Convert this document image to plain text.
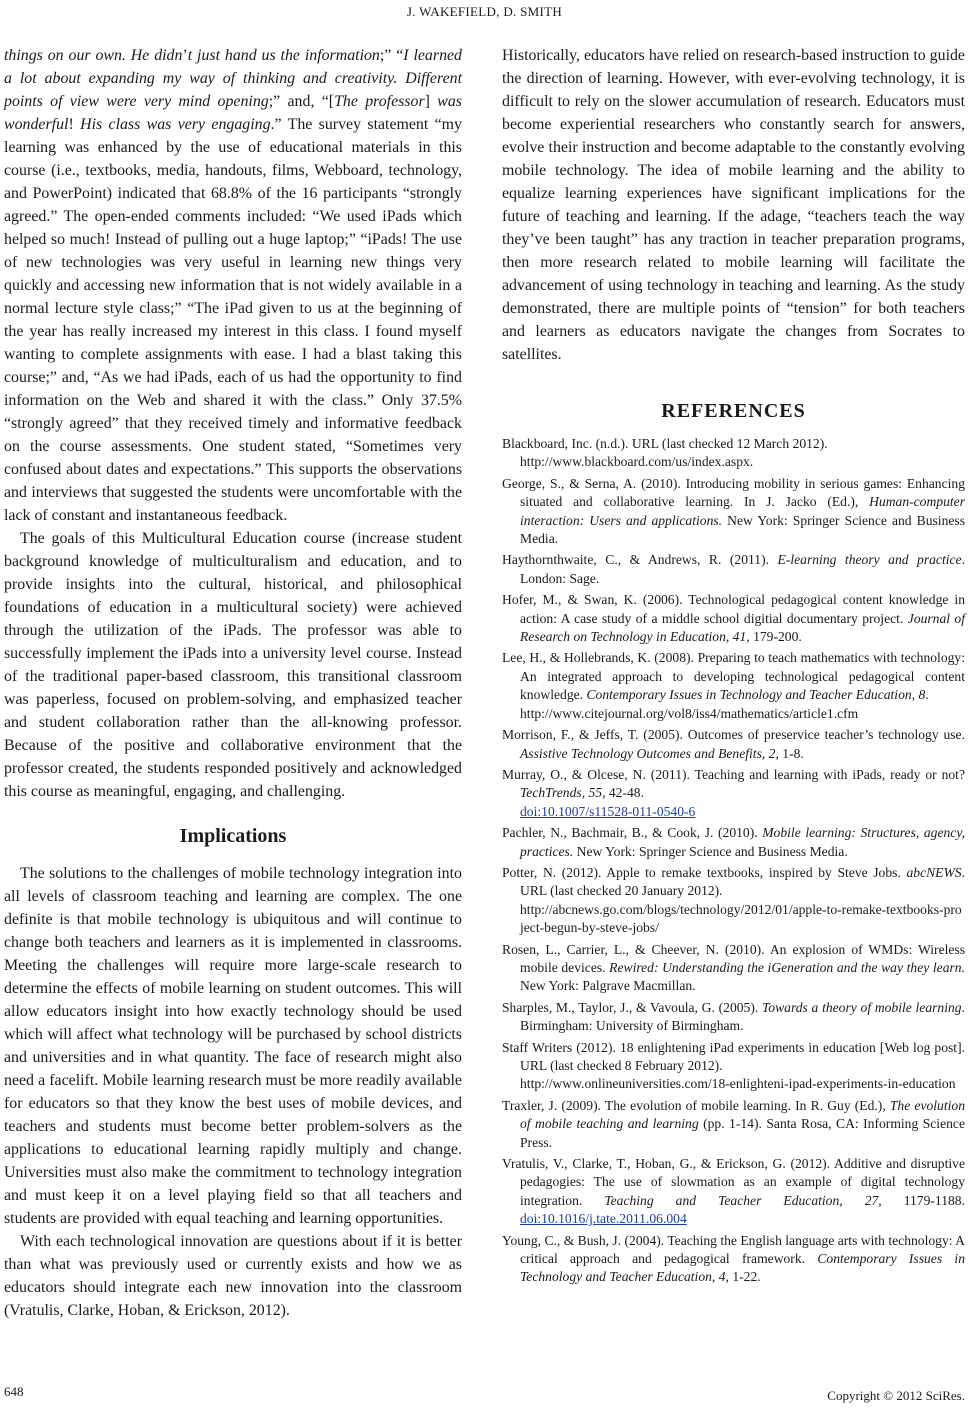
J. WAKEFIELD, D. SMITH

things on our own. He didn’t just hand us the information;” “I learned a lot about expanding my way of thinking and creativity. Different points of view were very mind opening;” and, “[The professor] was wonderful! His class was very engaging.” The survey statement “my learning was enhanced by the use of educational materials in this course (i.e., textbooks, media, handouts, films, Webboard, technology, and PowerPoint) indicated that 68.8% of the 16 participants “strongly agreed.” The open-ended comments included: “We used iPads which helped so much! Instead of pulling out a huge laptop;” “iPads! The use of new technologies was very useful in learning new things very quickly and accessing new information that is not widely available in a normal lecture style class;” “The iPad given to us at the beginning of the year has really increased my interest in this class. I found myself wanting to complete assignments with ease. I had a blast taking this course;” and, “As we had iPads, each of us had the opportunity to find information on the Web and shared it with the class.” Only 37.5% “strongly agreed” that they received timely and informative feedback on the course assessments. One student stated, “Sometimes very confused about dates and expectations.” This supports the observations and interviews that suggested the students were uncomfortable with the lack of constant and instantaneous feedback.

The goals of this Multicultural Education course (increase student background knowledge of multiculturalism and education, and to provide insights into the cultural, historical, and philosophical foundations of education in a multicultural society) were achieved through the utilization of the iPads. The professor was able to successfully implement the iPads into a university level course. Instead of the traditional paper-based classroom, this transitional classroom was paperless, focused on problem-solving, and emphasized teacher and student collaboration rather than the all-knowing professor. Because of the positive and collaborative environment that the professor created, the students responded positively and acknowledged this course as meaningful, engaging, and challenging.

Implications

The solutions to the challenges of mobile technology integration into all levels of classroom teaching and learning are complex. The one definite is that mobile technology is ubiquitous and will continue to change both teachers and learners as it is implemented in classrooms. Meeting the challenges will require more large-scale research to determine the effects of mobile learning on student outcomes. This will allow educators insight into how exactly technology should be used which will affect what technology will be purchased by school districts and universities and in what quantity. The face of research might also need a facelift. Mobile learning research must be more readily available for educators so that they know the best uses of mobile devices, and teachers and students must become better problem-solvers as the applications to educational learning rapidly multiply and change. Universities must also make the commitment to technology integration and must keep it on a level playing field so that all teachers and students are provided with equal teaching and learning opportunities.

With each technological innovation are questions about if it is better than what was previously used or currently exists and how we as educators should integrate each new innovation into the classroom (Vratulis, Clarke, Hoban, & Erickson, 2012).

Historically, educators have relied on research-based instruction to guide the direction of learning. However, with ever-evolving technology, it is difficult to rely on the slower accumulation of research. Educators must become experiential researchers who constantly search for answers, evolve their instruction and become adaptable to the constantly evolving mobile technology. The idea of mobile learning and the ability to equalize learning experiences have significant implications for the future of teaching and learning. If the adage, “teachers teach the way they’ve been taught” has any traction in teacher preparation programs, then more research related to mobile learning will facilitate the advancement of using technology in teaching and learning. As the study demonstrated, there are multiple points of “tension” for both teachers and learners as educators navigate the changes from Socrates to satellites.

REFERENCES
Blackboard, Inc. (n.d.). URL (last checked 12 March 2012).
http://www.blackboard.com/us/index.aspx.
George, S., & Serna, A. (2010). Introducing mobility in serious games: Enhancing situated and collaborative learning. In J. Jacko (Ed.), Human-computer interaction: Users and applications. New York: Springer Science and Business Media.
Haythornthwaite, C., & Andrews, R. (2011). E-learning theory and practice. London: Sage.
Hofer, M., & Swan, K. (2006). Technological pedagogical content knowledge in action: A case study of a middle school digitial documentary project. Journal of Research on Technology in Education, 41, 179-200.
Lee, H., & Hollebrands, K. (2008). Preparing to teach mathematics with technology: An integrated approach to developing technological pedagogical content knowledge. Contemporary Issues in Technology and Teacher Education, 8.
http://www.citejournal.org/vol8/iss4/mathematics/article1.cfm
Morrison, F., & Jeffs, T. (2005). Outcomes of preservice teacher’s technology use. Assistive Technology Outcomes and Benefits, 2, 1-8.
Murray, O., & Olcese, N. (2011). Teaching and learning with iPads, ready or not? TechTrends, 55, 42-48.
doi:10.1007/s11528-011-0540-6
Pachler, N., Bachmair, B., & Cook, J. (2010). Mobile learning: Structures, agency, practices. New York: Springer Science and Business Media.
Potter, N. (2012). Apple to remake textbooks, inspired by Steve Jobs. abcNEWS. URL (last checked 20 January 2012).
http://abcnews.go.com/blogs/technology/2012/01/apple-to-remake-textbooks-project-begun-by-steve-jobs/
Rosen, L., Carrier, L., & Cheever, N. (2010). An explosion of WMDs: Wireless mobile devices. Rewired: Understanding the iGeneration and the way they learn. New York: Palgrave Macmillan.
Sharples, M., Taylor, J., & Vavoula, G. (2005). Towards a theory of mobile learning. Birmingham: University of Birmingham.
Staff Writers (2012). 18 enlightening iPad experiments in education [Web log post]. URL (last checked 8 February 2012).
http://www.onlineuniversities.com/18-enlighteni-ipad-experiments-in-education
Traxler, J. (2009). The evolution of mobile learning. In R. Guy (Ed.), The evolution of mobile teaching and learning (pp. 1-14). Santa Rosa, CA: Informing Science Press.
Vratulis, V., Clarke, T., Hoban, G., & Erickson, G. (2012). Additive and disruptive pedagogies: The use of slowmation as an example of digital technology integration. Teaching and Teacher Education, 27, 1179-1188. doi:10.1016/j.tate.2011.06.004
Young, C., & Bush, J. (2004). Teaching the English language arts with technology: A critical approach and pedagogical framework. Contemporary Issues in Technology and Teacher Education, 4, 1-22.
648	Copyright © 2012 SciRes.
